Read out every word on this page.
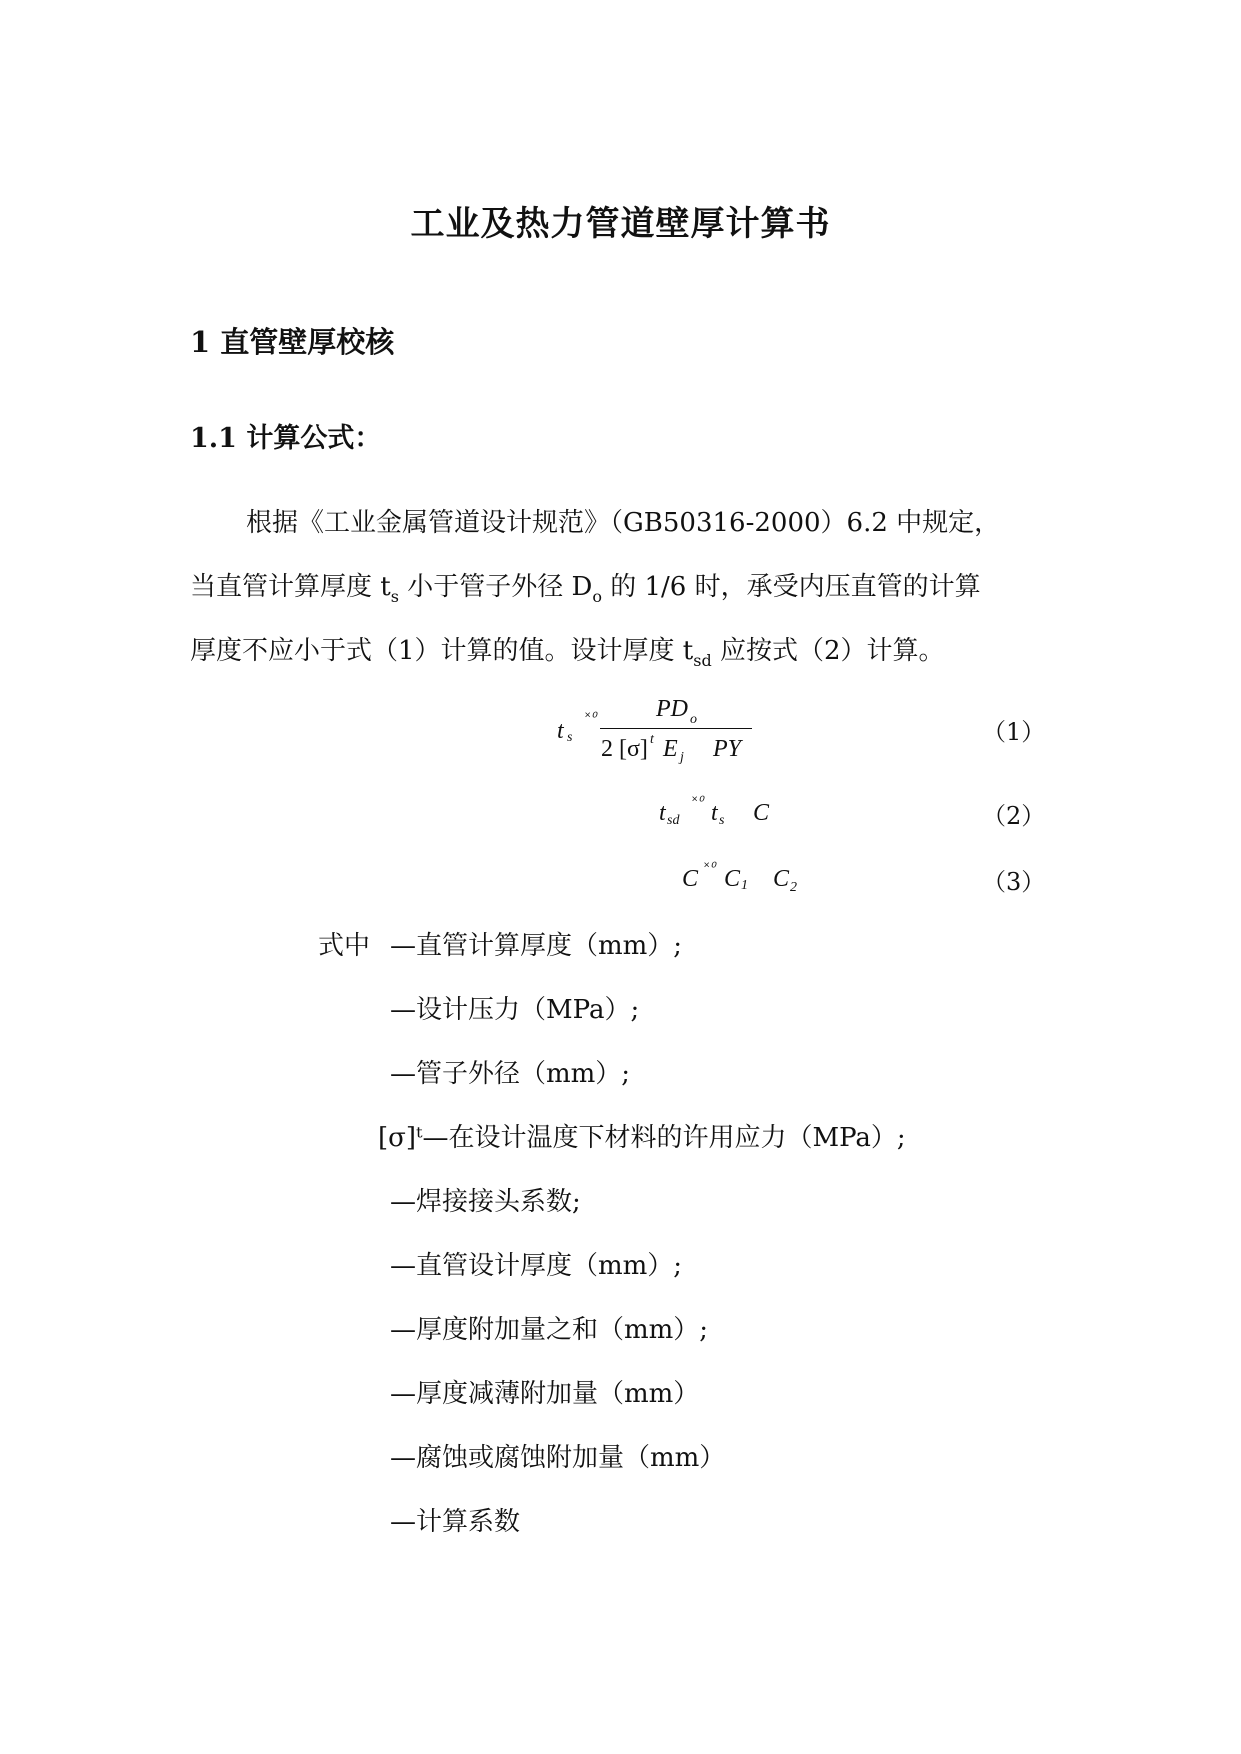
工业及热力管道壁厚计算书
1 直管壁厚校核
1.1 计算公式：
根据《工业金属管道设计规范》（GB50316-2000）6.2 中规定，
当直管计算厚度 $t_s$ 小于管子外径 $D_o$ 的 1/6 时，承受内压直管的计算
厚度不应小于式（1）计算的值。设计厚度 $t_{sd}$ 应按式（2）计算。
t s
˟⁰	PD o
2 [σ] t E j PY
（1）
t sd
˟⁰ t s C	（2）
C ˟⁰ C 1 C 2	（3）
式中 —直管计算厚度（mm）;
—设计压力（MPa）;
—管子外径（mm）;
[σ]ᵗ—在设计温度下材料的许用应力（MPa）;
—焊接接头系数;
—直管设计厚度（mm）;
—厚度附加量之和（mm）;
—厚度减薄附加量（mm）
—腐蚀或腐蚀附加量（mm）
—计算系数
